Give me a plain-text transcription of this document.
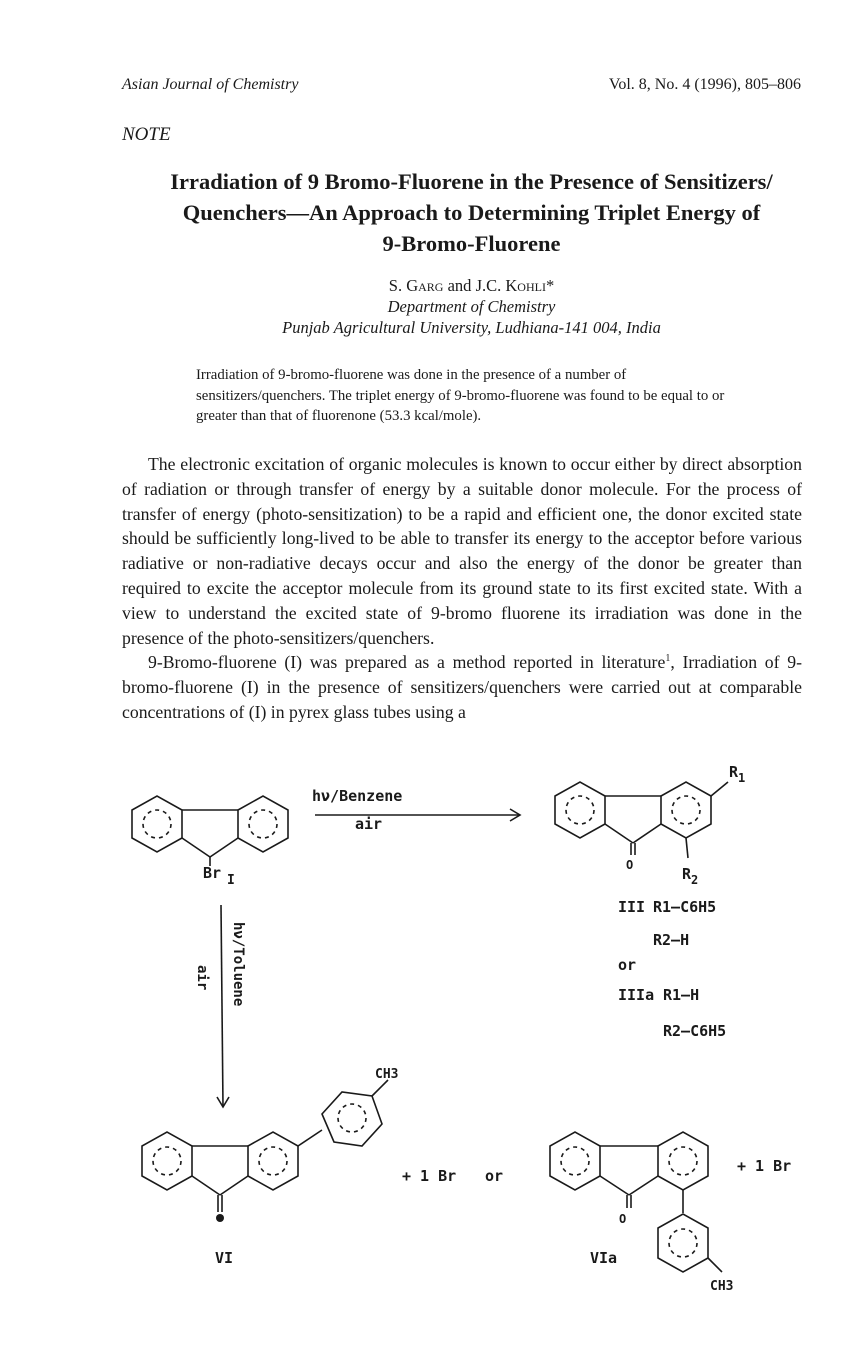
Asian Journal of Chemistry	Vol. 8, No. 4 (1996), 805–806
NOTE
Irradiation of 9 Bromo-Fluorene in the Presence of Sensitizers/
Quenchers—An Approach to Determining Triplet Energy of
9-Bromo-Fluorene
S. Garg and J.C. Kohli*
Department of Chemistry
Punjab Agricultural University, Ludhiana-141 004, India
Irradiation of 9-bromo-fluorene was done in the presence of a number of sensitizers/quenchers. The triplet energy of 9-bromo-fluorene was found to be equal to or greater than that of fluorenone (53.3 kcal/mole).

The electronic excitation of organic molecules is known to occur either by direct absorption of radiation or through transfer of energy by a suitable donor molecule. For the process of transfer of energy (photo-sensitization) to be a rapid and efficient one, the donor excited state should be sufficiently long-lived to be able to transfer its energy to the acceptor before various radiative or non-radiative decays occur and also the energy of the donor be greater than required to excite the acceptor molecule from its ground state to its first excited state. With a view to understand the excited state of 9-bromo fluorene its irradiation was done in the presence of the photo-sensitizers/quenchers.

9-Bromo-fluorene (I) was prepared as a method reported in literature$^1$, Irradiation of 9-bromo-fluorene (I) in the presence of sensitizers/quenchers were carried out at comparable concentrations of (I) in pyrex glass tubes using a

hν/Benzene
air
Br I
hν/Toluene
air
O
$R_1$
$R_2$
III R1–C6H5
R2–H
or
IIIa R1–H
R2–C6H5
CH3
+ 1 Br or
+ 1 Br
O
VI	VIa
CH3
